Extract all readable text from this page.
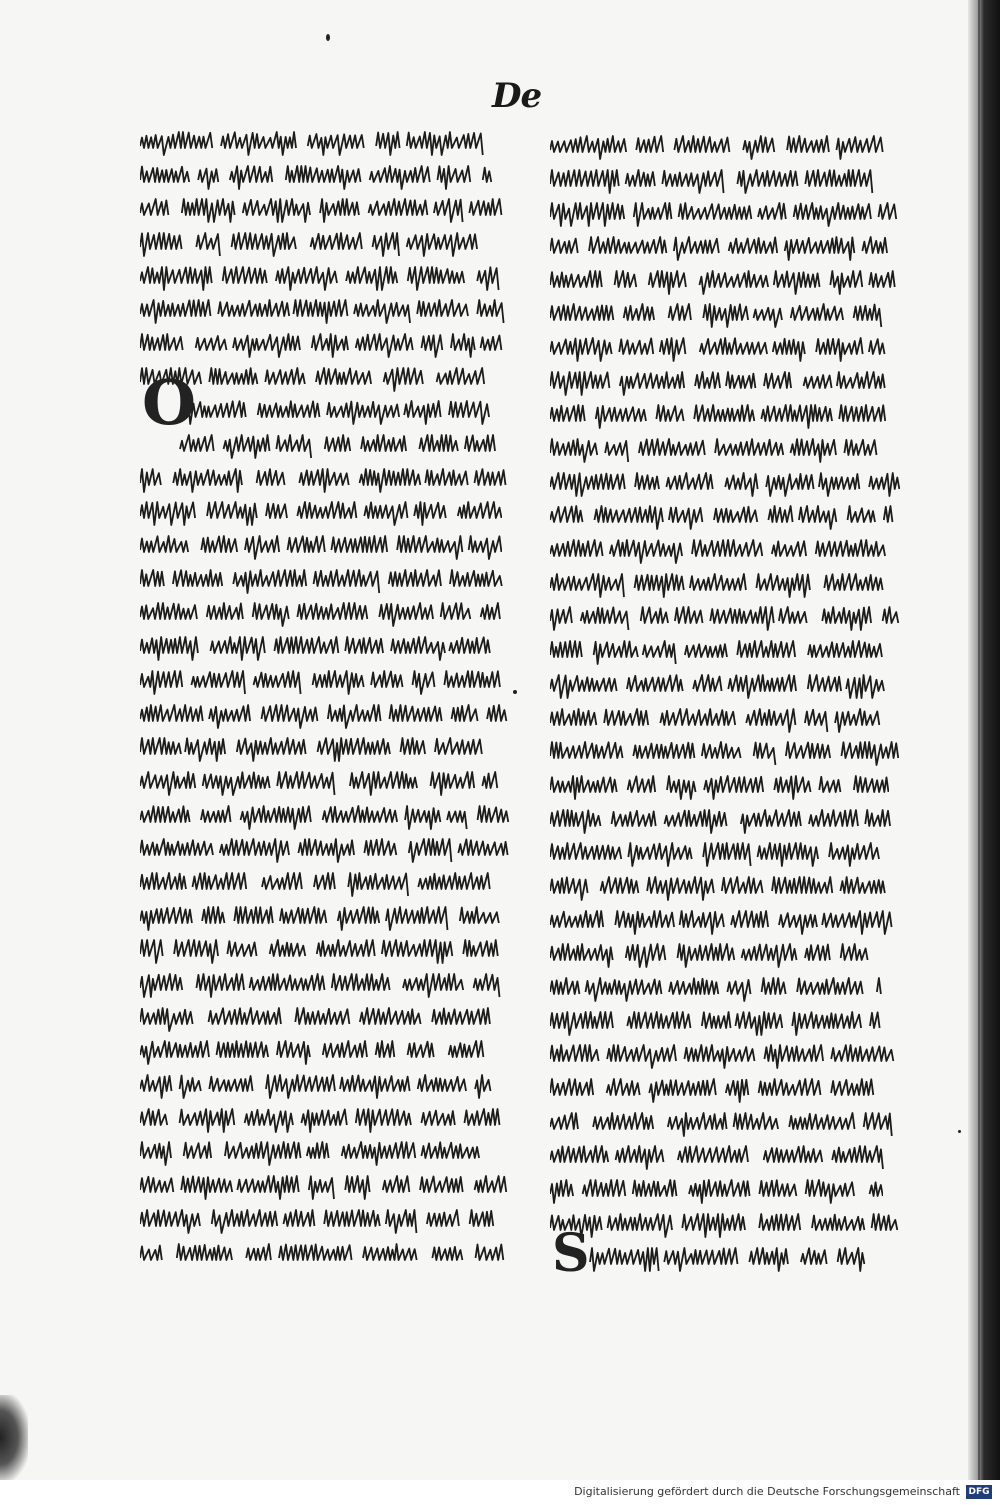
De
O
S
Digitalisierung gefördert durch die Deutsche Forschungsgemeinschaft DFG
